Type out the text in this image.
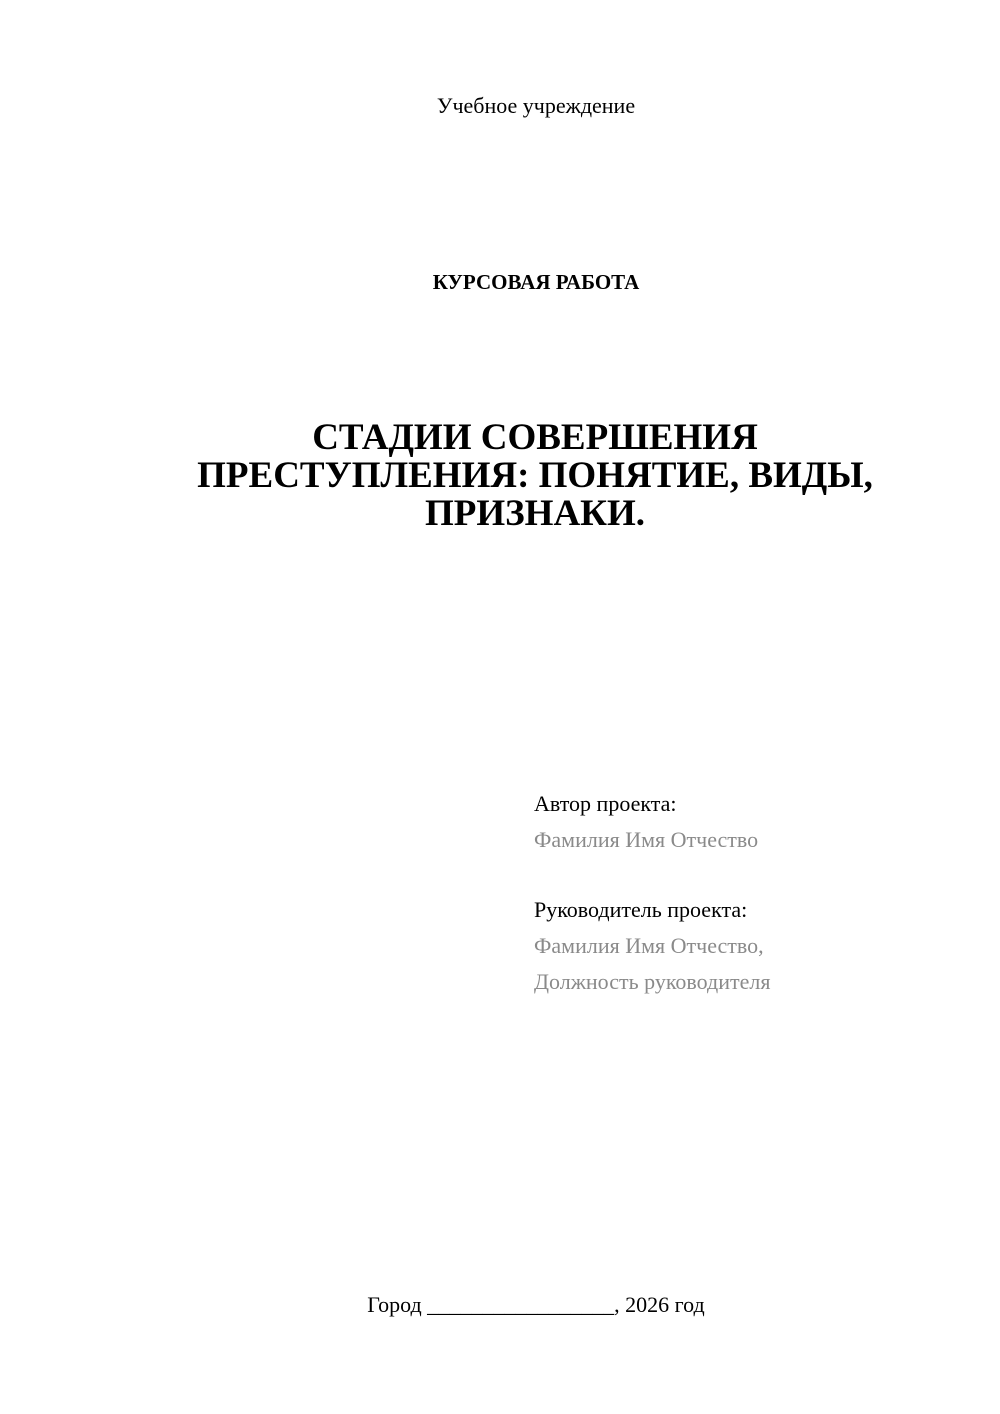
Учебное учреждение
КУРСОВАЯ РАБОТА
СТАДИИ СОВЕРШЕНИЯ
ПРЕСТУПЛЕНИЯ: ПОНЯТИЕ, ВИДЫ,
ПРИЗНАКИ.
Автор проекта:
Фамилия Имя Отчество
Руководитель проекта:
Фамилия Имя Отчество,
Должность руководителя
Город _________________, 2026 год
